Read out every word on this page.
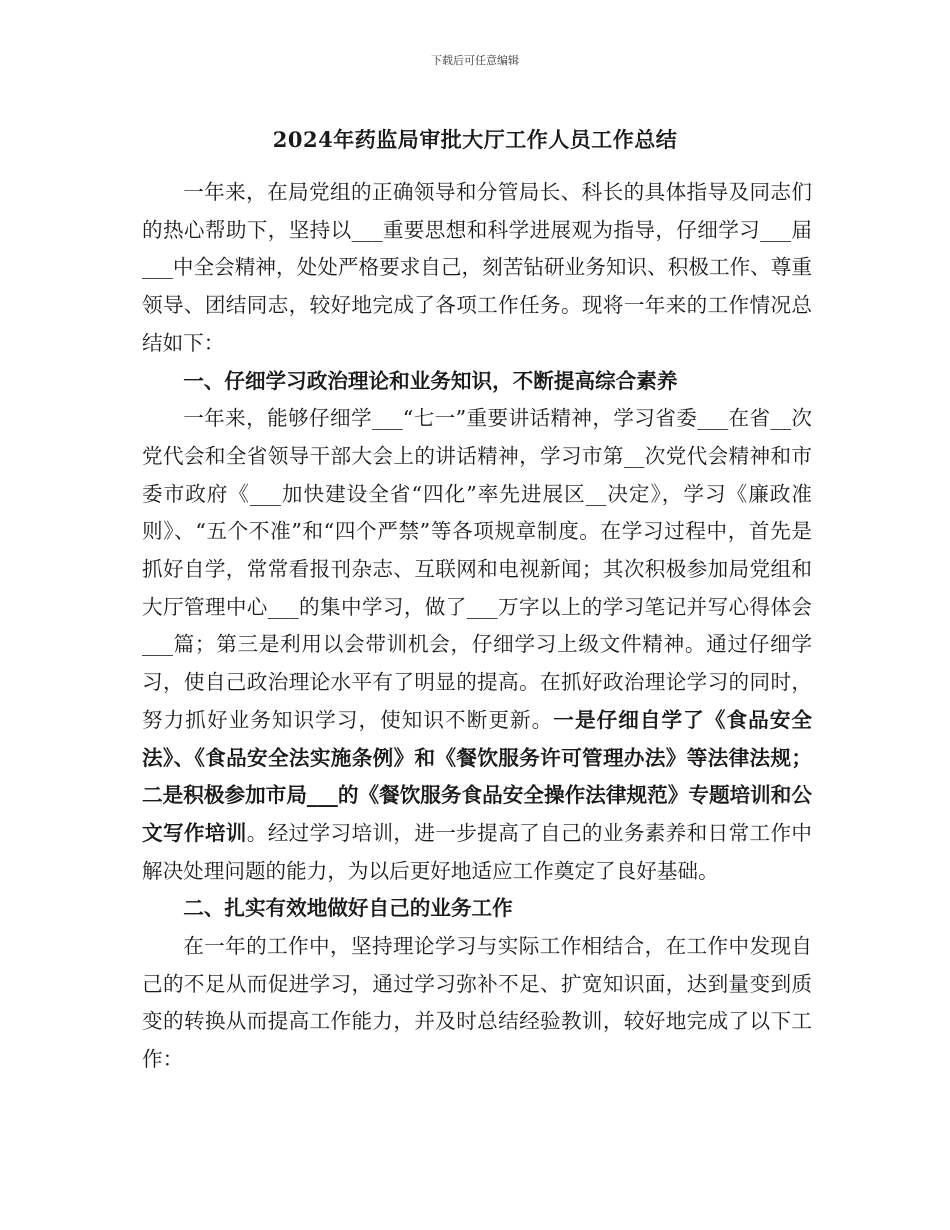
下载后可任意编辑
2024年药监局审批大厅工作人员工作总结

一年来，在局党组的正确领导和分管局长、科长的具体指导及同志们的热心帮助下，坚持以___重要思想和科学进展观为指导，仔细学习___届___中全会精神，处处严格要求自己，刻苦钻研业务知识、积极工作、尊重领导、团结同志，较好地完成了各项工作任务。现将一年来的工作情况总结如下：

一、仔细学习政治理论和业务知识，不断提高综合素养

一年来，能够仔细学___“七一”重要讲话精神，学习省委___在省__次党代会和全省领导干部大会上的讲话精神，学习市第__次党代会精神和市委市政府《___加快建设全省“四化”率先进展区__决定》，学习《廉政准则》、“五个不准”和“四个严禁”等各项规章制度。在学习过程中，首先是抓好自学，常常看报刊杂志、互联网和电视新闻；其次积极参加局党组和大厅管理中心___的集中学习，做了___万字以上的学习笔记并写心得体会___篇；第三是利用以会带训机会，仔细学习上级文件精神。通过仔细学习，使自己政治理论水平有了明显的提高。在抓好政治理论学习的同时，努力抓好业务知识学习，使知识不断更新。一是仔细自学了《食品安全法》、《食品安全法实施条例》和《餐饮服务许可管理办法》等法律法规；二是积极参加市局___的《餐饮服务食品安全操作法律规范》专题培训和公文写作培训。经过学习培训，进一步提高了自己的业务素养和日常工作中解决处理问题的能力，为以后更好地适应工作奠定了良好基础。

二、扎实有效地做好自己的业务工作

在一年的工作中，坚持理论学习与实际工作相结合，在工作中发现自己的不足从而促进学习，通过学习弥补不足、扩宽知识面，达到量变到质变的转换从而提高工作能力，并及时总结经验教训，较好地完成了以下工作：
